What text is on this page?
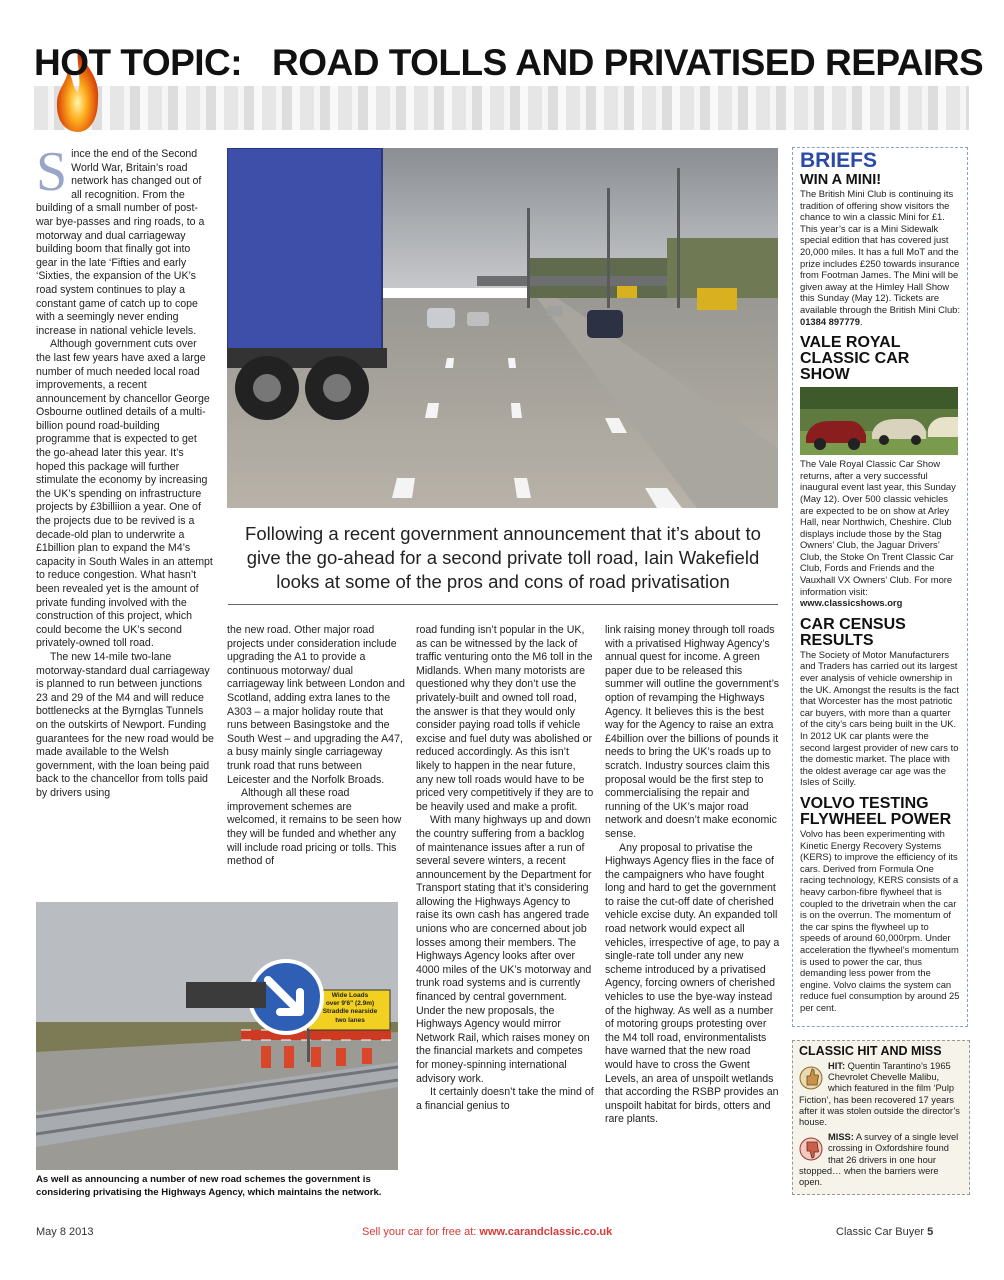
HOT TOPIC: ROAD TOLLS AND PRIVATISED REPAIRS
S ince the end of the Second World War, Britain’s road network has changed out of all recognition. From the building of a small number of post-war bye-passes and ring roads, to a motorway and dual carriageway building boom that finally got into gear in the late ‘Fifties and early ‘Sixties, the expansion of the UK’s road system continues to play a constant game of catch up to cope with a seemingly never ending increase in national vehicle levels.

Although government cuts over the last few years have axed a large number of much needed local road improvements, a recent announcement by chancellor George Osbourne outlined details of a multi-billion pound road-building programme that is expected to get the go-ahead later this year. It’s hoped this package will further stimulate the economy by increasing the UK’s spending on infrastructure projects by £3billiion a year. One of the projects due to be revived is a decade-old plan to underwrite a £1billion plan to expand the M4’s capacity in South Wales in an attempt to reduce congestion. What hasn’t been revealed yet is the amount of private funding involved with the construction of this project, which could become the UK’s second privately-owned toll road.

The new 14-mile two-lane motorway-standard dual carriageway is planned to run between junctions 23 and 29 of the M4 and will reduce bottlenecks at the Byrnglas Tunnels on the outskirts of Newport. Funding guarantees for the new road would be made available to the Welsh government, with the loan being paid back to the chancellor from tolls paid by drivers using

Following a recent government announcement that it’s about to give the go-ahead for a second private toll road, Iain Wakefield looks at some of the pros and cons of road privatisation

the new road. Other major road projects under consideration include upgrading the A1 to provide a continuous motorway/ dual carriageway link between London and Scotland, adding extra lanes to the A303 – a major holiday route that runs between Basingstoke and the South West – and upgrading the A47, a busy mainly single carriageway trunk road that runs between Leicester and the Norfolk Broads.

Although all these road improvement schemes are welcomed, it remains to be seen how they will be funded and whether any will include road pricing or tolls. This method of

Wide Loads
over 9'6" (2.9m)
Straddle nearside
two lanes
As well as announcing a number of new road schemes the government is considering privatising the Highways Agency, which maintains the network.

road funding isn’t popular in the UK, as can be witnessed by the lack of traffic venturing onto the M6 toll in the Midlands. When many motorists are questioned why they don’t use the privately-built and owned toll road, the answer is that they would only consider paying road tolls if vehicle excise and fuel duty was abolished or reduced accordingly. As this isn’t likely to happen in the near future, any new toll roads would have to be priced very competitively if they are to be heavily used and make a profit.

With many highways up and down the country suffering from a backlog of maintenance issues after a run of several severe winters, a recent announcement by the Department for Transport stating that it’s considering allowing the Highways Agency to raise its own cash has angered trade unions who are concerned about job losses among their members. The Highways Agency looks after over 4000 miles of the UK’s motorway and trunk road systems and is currently financed by central government. Under the new proposals, the Highways Agency would mirror Network Rail, which raises money on the financial markets and competes for money-spinning international advisory work.

It certainly doesn’t take the mind of a financial genius to

link raising money through toll roads with a privatised Highway Agency’s annual quest for income. A green paper due to be released this summer will outline the government’s option of revamping the Highways Agency. It believes this is the best way for the Agency to raise an extra £4billion over the billions of pounds it needs to bring the UK’s roads up to scratch. Industry sources claim this proposal would be the first step to commercialising the repair and running of the UK’s major road network and doesn’t make economic sense.

Any proposal to privatise the Highways Agency flies in the face of the campaigners who have fought long and hard to get the government to raise the cut-off date of cherished vehicle excise duty. An expanded toll road network would expect all vehicles, irrespective of age, to pay a single-rate toll under any new scheme introduced by a privatised Agency, forcing owners of cherished vehicles to use the bye-way instead of the highway. As well as a number of motoring groups protesting over the M4 toll road, environmentalists have warned that the new road would have to cross the Gwent Levels, an area of unspoilt wetlands that according the RSBP provides an unspoilt habitat for birds, otters and rare plants.

BRIEFS
WIN A MINI!

The British Mini Club is continuing its tradition of offering show visitors the chance to win a classic Mini for £1. This year’s car is a Mini Sidewalk special edition that has covered just 20,000 miles. It has a full MoT and the prize includes £250 towards insurance from Footman James. The Mini will be given away at the Himley Hall Show this Sunday (May 12). Tickets are available through the British Mini Club: 01384 897779.

VALE ROYAL CLASSIC CAR SHOW

The Vale Royal Classic Car Show returns, after a very successful inaugural event last year, this Sunday (May 12). Over 500 classic vehicles are expected to be on show at Arley Hall, near Northwich, Cheshire. Club displays include those by the Stag Owners’ Club, the Jaguar Drivers’ Club, the Stoke On Trent Classic Car Club, Fords and Friends and the Vauxhall VX Owners’ Club. For more information visit: www.classicshows.org

CAR CENSUS RESULTS

The Society of Motor Manufacturers and Traders has carried out its largest ever analysis of vehicle ownership in the UK. Amongst the results is the fact that Worcester has the most patriotic car buyers, with more than a quarter of the city’s cars being built in the UK. In 2012 UK car plants were the second largest provider of new cars to the domestic market. The place with the oldest average car age was the Isles of Scilly.

VOLVO TESTING FLYWHEEL POWER

Volvo has been experimenting with Kinetic Energy Recovery Systems (KERS) to improve the efficiency of its cars. Derived from Formula One racing technology, KERS consists of a heavy carbon-fibre flywheel that is coupled to the drivetrain when the car is on the overrun. The momentum of the car spins the flywheel up to speeds of around 60,000rpm. Under acceleration the flywheel’s momentum is used to power the car, thus demanding less power from the engine. Volvo claims the system can reduce fuel consumption by around 25 per cent.

CLASSIC HIT AND MISS

HIT: Quentin Tarantino’s 1965 Chevrolet Chevelle Malibu, which featured in the film ‘Pulp Fiction’, has been recovered 17 years after it was stolen outside the director’s house.

MISS: A survey of a single level crossing in Oxfordshire found that 26 drivers in one hour stopped… when the barriers were open.

May 8 2013	Sell your car for free at: www.carandclassic.co.uk	Classic Car Buyer 5
